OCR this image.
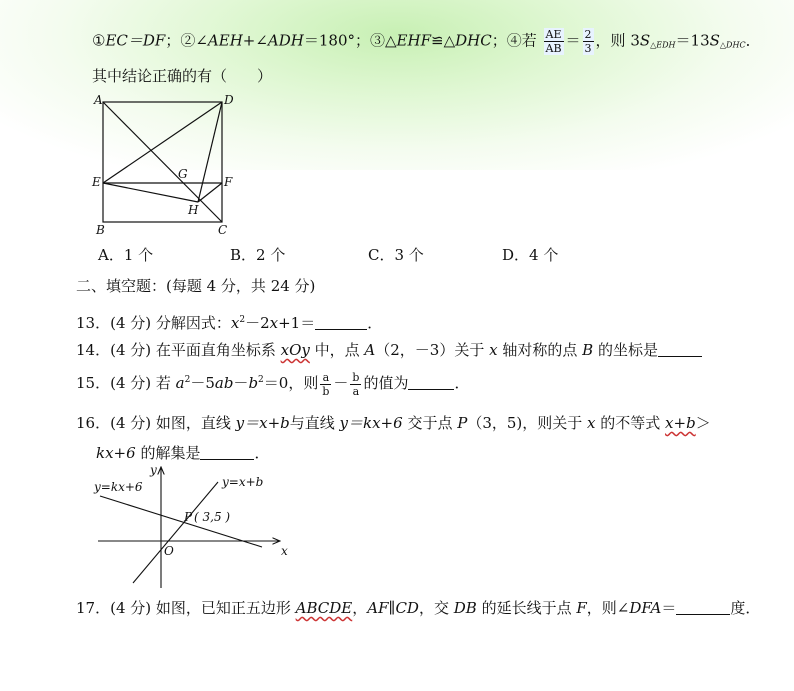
①EC＝DF；②∠AEH+∠ADH＝180°；③△EHF≌△DHC；④若 $\frac{AE}{AB} = \frac{2}{3}$ ，则 $3S_{\triangle EDH}=13S_{\triangle DHC}$．
其中结论正确的有（　　）
A	D
E	F
G
H
B	C
A．1 个	B．2 个	C．3 个	D．4 个
二、填空题：(每题 4 分，共 24 分)
13．(4 分) 分解因式：$x^2-2x+1=$	．
14．(4 分) 在平面直角坐标系 xOy 中，点 A（2，－3）关于 x 轴对称的点 B 的坐标是
15．(4 分) 若 $a^2-5ab-b^2=0$，则 $\frac{a}{b} - \frac{b}{a}$ 的值为	．
16．(4 分) 如图，直线 y＝x+b与直线 y＝kx+6 交于点 P（3，5)，则关于 x 的不等式 x+b＞
kx+6 的解集是	．
y=kx+6	y=x+b
P ( 3,5 )
O	x
y
17．(4 分) 如图，已知正五边形 ABCDE，AF∥CD，交 DB 的延长线于点 F，则∠DFA＝	度．
